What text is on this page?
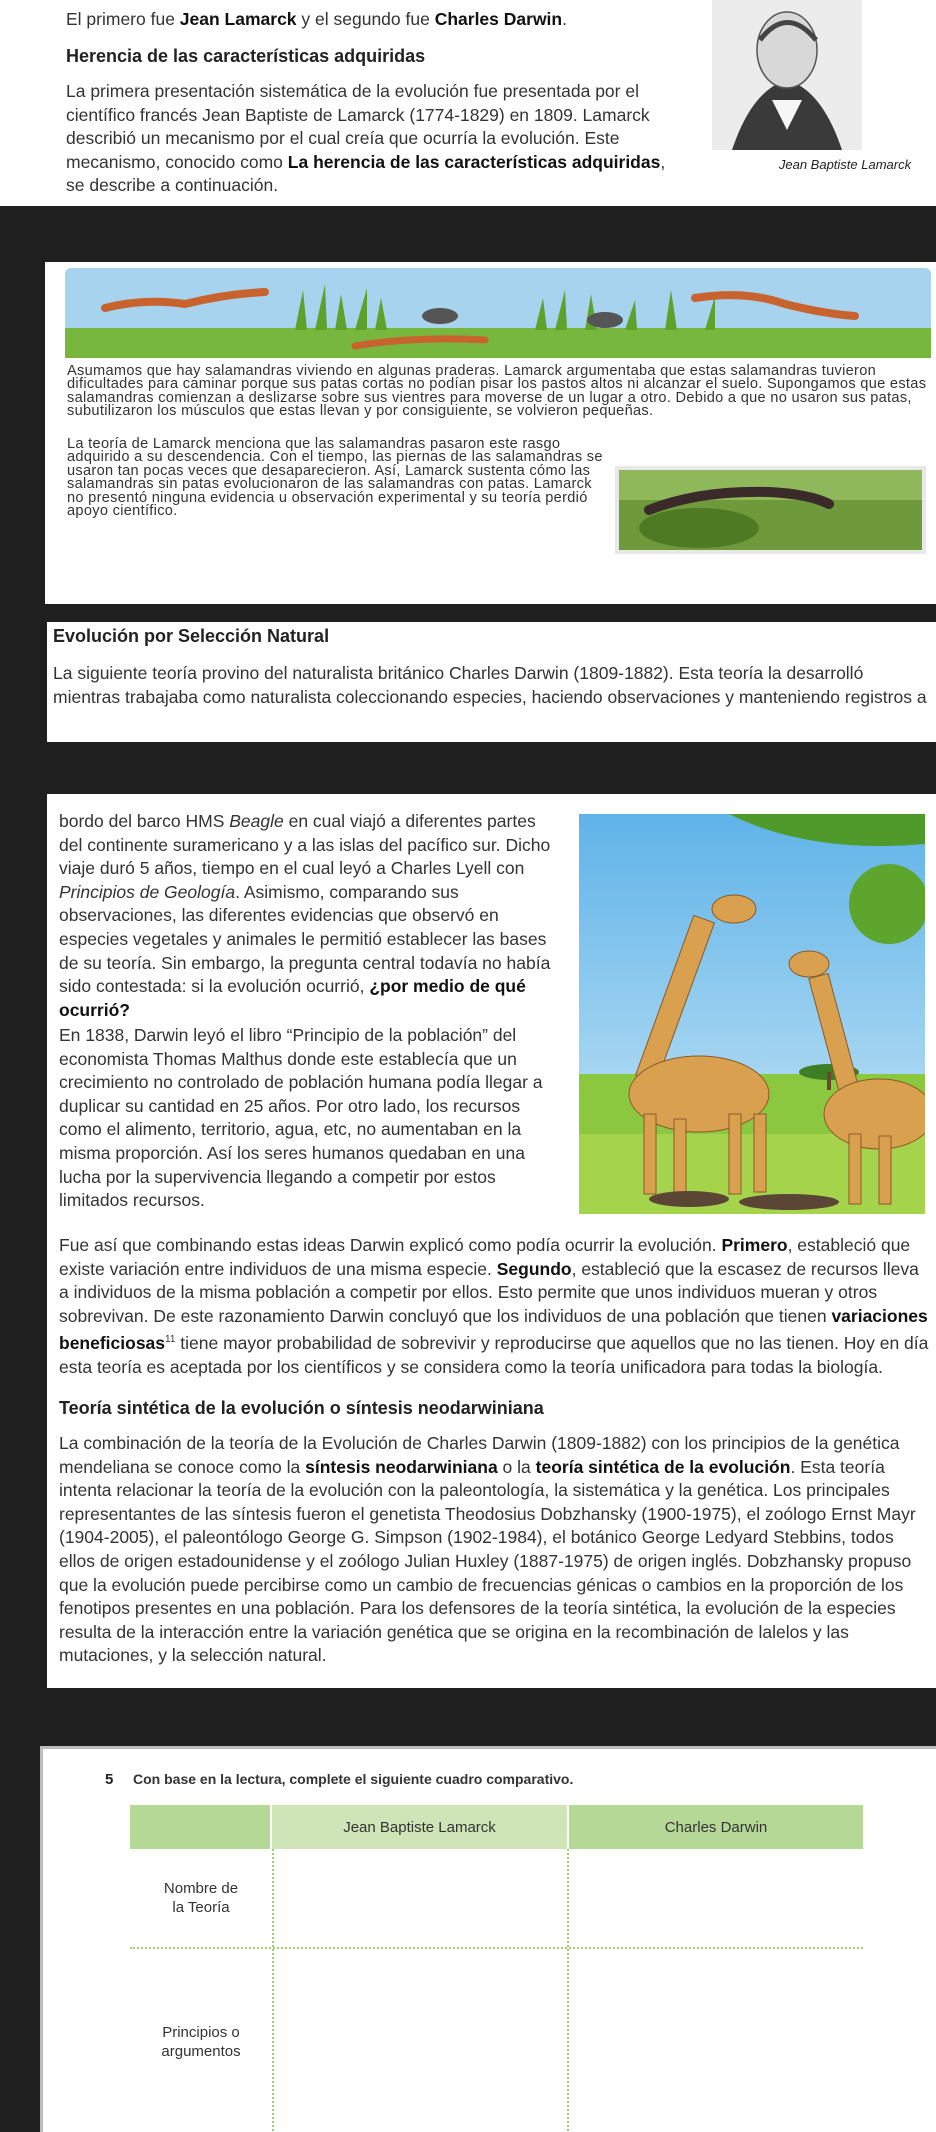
El primero fue Jean Lamarck y el segundo fue Charles Darwin.

Herencia de las características adquiridas

La primera presentación sistemática de la evolución fue presentada por el científico francés Jean Baptiste de Lamarck (1774-1829) en 1809. Lamarck describió un mecanismo por el cual creía que ocurría la evolución. Este mecanismo, conocido como La herencia de las características adquiridas, se describe a continuación.

Jean Baptiste Lamarck

Asumamos que hay salamandras viviendo en algunas praderas. Lamarck argumentaba que estas salamandras tuvieron dificultades para caminar porque sus patas cortas no podían pisar los pastos altos ni alcanzar el suelo. Supongamos que estas salamandras comienzan a deslizarse sobre sus vientres para moverse de un lugar a otro. Debido a que no usaron sus patas, subutilizaron los músculos que estas llevan y por consiguiente, se volvieron pequeñas.

La teoría de Lamarck menciona que las salamandras pasaron este rasgo adquirido a su descendencia. Con el tiempo, las piernas de las salamandras se usaron tan pocas veces que desaparecieron. Así, Lamarck sustenta cómo las salamandras sin patas evolucionaron de las salamandras con patas. Lamarck no presentó ninguna evidencia u observación experimental y su teoría perdió apoyo científico.

Evolución por Selección Natural

La siguiente teoría provino del naturalista británico Charles Darwin (1809-1882). Esta teoría la desarrolló mientras trabajaba como naturalista coleccionando especies, haciendo observaciones y manteniendo registros a

bordo del barco HMS Beagle en cual viajó a diferentes partes del continente suramericano y a las islas del pacífico sur. Dicho viaje duró 5 años, tiempo en el cual leyó a Charles Lyell con Principios de Geología. Asimismo, comparando sus observaciones, las diferentes evidencias que observó en especies vegetales y animales le permitió establecer las bases de su teoría. Sin embargo, la pregunta central todavía no había sido contestada: si la evolución ocurrió, ¿por medio de qué ocurrió?

En 1838, Darwin leyó el libro “Principio de la población” del economista Thomas Malthus donde este establecía que un crecimiento no controlado de población humana podía llegar a duplicar su cantidad en 25 años. Por otro lado, los recursos como el alimento, territorio, agua, etc, no aumentaban en la misma proporción. Así los seres humanos quedaban en una lucha por la supervivencia llegando a competir por estos limitados recursos.

Fue así que combinando estas ideas Darwin explicó como podía ocurrir la evolución. Primero, estableció que existe variación entre individuos de una misma especie. Segundo, estableció que la escasez de recursos lleva a individuos de la misma población a competir por ellos. Esto permite que unos individuos mueran y otros sobrevivan. De este razonamiento Darwin concluyó que los individuos de una población que tienen variaciones beneficiosas$^{11}$ tiene mayor probabilidad de sobrevivir y reproducirse que aquellos que no las tienen. Hoy en día esta teoría es aceptada por los científicos y se considera como la teoría unificadora para todas la biología.

Teoría sintética de la evolución o síntesis neodarwiniana

La combinación de la teoría de la Evolución de Charles Darwin (1809-1882) con los principios de la genética mendeliana se conoce como la síntesis neodarwiniana o la teoría sintética de la evolución. Esta teoría intenta relacionar la teoría de la evolución con la paleontología, la sistemática y la genética. Los principales representantes de las síntesis fueron el genetista Theodosius Dobzhansky (1900-1975), el zoólogo Ernst Mayr (1904-2005), el paleontólogo George G. Simpson (1902-1984), el botánico George Ledyard Stebbins, todos ellos de origen estadounidense y el zoólogo Julian Huxley (1887-1975) de origen inglés. Dobzhansky propuso que la evolución puede percibirse como un cambio de frecuencias génicas o cambios en la proporción de los fenotipos presentes en una población. Para los defensores de la teoría sintética, la evolución de la especies resulta de la interacción entre la variación genética que se origina en la recombinación de lalelos y las mutaciones, y la selección natural.

5 Con base en la lectura, complete el siguiente cuadro comparativo.
Jean Baptiste Lamarck	Charles Darwin
Nombre de la Teoría
Principios o argumentos
